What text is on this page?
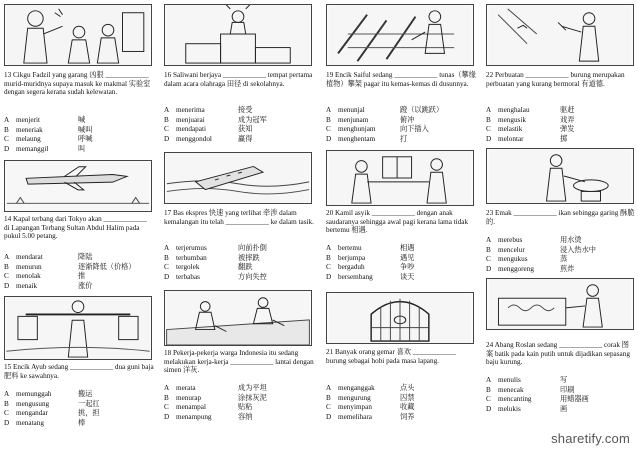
13 Cikgu Fadzil yang garang 凶狠 ____________ murid-muridnya supaya masuk ke makmal 实验室 dengan segera kerana sudah kelewatan.
A menjerit	喊
B	meneriak	喊叫
C	melaung	呼喊
D memanggil	叫
14 Kapal terbang dari Tokyo akan ____________ di Lapangan Terbang Sultan Abdul Halim pada pukul 5.00 petang.
A mendarat	降陆
B	menurun	逐渐降低（价格）
C	menolak	推
D menaik	涨价
15 Encik Ayub sedang ____________ dua guni baja 肥料 ke sawahnya.
A memunggah	搬运
B	mengusung	一起扛
C	mengandar	挑，担
D menatang	棒
16 Saliwani berjaya ____________ tempat pertama dalam acara olahraga 田径 di sekolahnya.
A menerima	接受
B	menjuarai	成为冠军
C	mendapati	获知
D menggondol	赢得
17 Bas ekspres 快速 yang terlihat 牵涉 dalam kemalangan itu telah ____________ ke dalam tasik.
A terjerumus	向前扑倒
B	terhumban	被摔跌
C	tergolek	翻跌
D terbabas	方向失控
18 Pekerja-pekerja warga Indonesia itu sedang melakukan kerja-kerja ____________ lantai dengan simen 洋灰.
A merata	成为平坦
B	menurap	涂抹灰泥
C	menampal	贴粘
D menampung	容纳
19 Encik Saiful sedang ____________ tunas（攀缘植物）攀架 pagar itu kemas-kemas di dusunnya.
A menunjal	蹬（以跳跃）
B	menjunam	俯冲
C	menghunjam	向下插入
D menghentam	打
20 Kamil asyik ____________ dengan anak saudaranya sehingga awal pagi kerana lama tidak bertemu 相遇.
A bertemu	相遇
B	berjumpa	遇见
C	bergaduh	争吵
D bersembang	谈天
21 Banyak orang gemar 喜欢 ____________ burung sebagai hobi pada masa lapang.
A menganggak	点头
B	mengurung	囚禁
C	menyimpan	收藏
D memelihara	饲养
22 Perbuatan ____________ burung merupakan perbuatan yang kurang bermoral 有道德.
A menghalau	驱赶
B	mengusik	戏弄
C	melastik	弹发
D melontar	掷
23 Emak ____________ ikan sebingga garing 酥脆的.
A merebus	用水烫
B	mencelur	浸入热水中
C	mengukus	蒸
D menggoreng	煎炸
24 Abang Roslan sedang ____________ corak 图案 batik pada kain putih untuk dijadikan sepasang baju kurung.
A menulis	写
B	menecak	印刷
C	mencanting	用蜡器画
D melukis	画
sharetify.com
